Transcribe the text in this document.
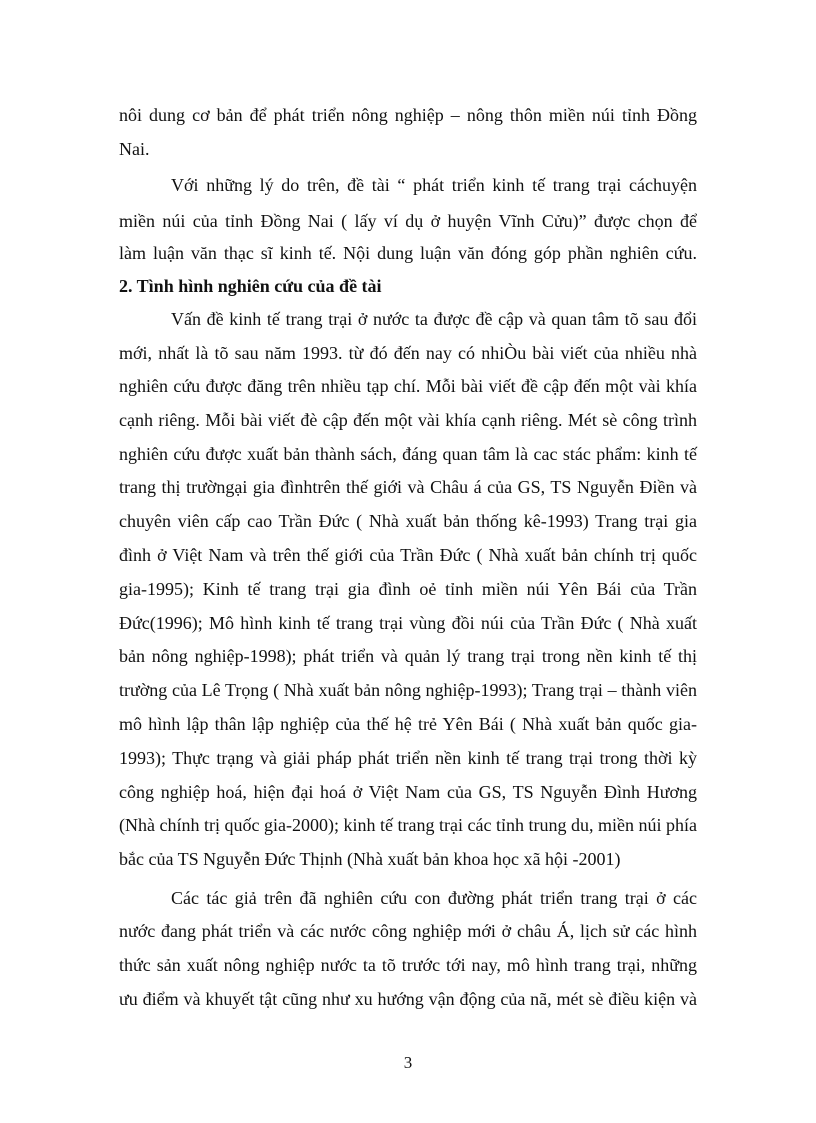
nôi dung cơ bản để phát triển nông nghiệp – nông thôn miền núi tỉnh Đồng
Nai.
Với những lý do trên, đề tài “ phát triển kinh tế trang trại cáchuyện
miền núi của tỉnh Đồng Nai ( lấy ví dụ ở huyện Vĩnh Cửu)” được chọn để
làm luận văn thạc sĩ kinh tế. Nội dung luận văn đóng góp phần nghiên cứu.
2. Tình hình nghiên cứu của đề tài
Vấn đề kinh tế trang trại ở nước ta được đề cập và quan tâm tõ sau đổi
mới, nhất là tõ sau năm 1993. từ đó đến nay có nhiÒu bài viết của nhiều nhà
nghiên cứu được đăng trên nhiều tạp chí. Mỗi bài viết đề cập đến một vài khía
cạnh riêng. Mỗi bài viết đè cập đến một vài khía cạnh riêng. Mét sè công trình
nghiên cứu được xuất bản thành sách, đáng quan tâm là cac stác phẩm: kinh tế
trang thị trườngại gia đìnhtrên thế giới và Châu á của GS, TS Nguyễn Điền và
chuyên viên cấp cao Trần Đức ( Nhà xuất bản thống kê-1993) Trang trại gia
đình ở Việt Nam và trên thế giới của Trần Đức ( Nhà xuất bản chính trị quốc
gia-1995); Kinh tế trang trại gia đình oẻ tỉnh miền núi Yên Bái của Trần
Đức(1996); Mô hình kinh tế trang trại vùng đồi núi của Trần Đức ( Nhà xuất
bản nông nghiệp-1998); phát triển và quản lý trang trại trong nền kinh tế thị
trường của Lê Trọng ( Nhà xuất bản nông nghiệp-1993); Trang trại – thành viên
mô hình lập thân lập nghiệp của thế hệ trẻ Yên Bái ( Nhà xuất bản quốc gia-
1993); Thực trạng và giải pháp phát triển nền kinh tế trang trại trong thời kỳ
công nghiệp hoá, hiện đại hoá ở Việt Nam của GS, TS Nguyễn Đình Hương
(Nhà chính trị quốc gia-2000); kinh tế trang trại các tỉnh trung du, miền núi phía
bắc của TS Nguyễn Đức Thịnh (Nhà xuất bản khoa học xã hội -2001)
Các tác giả trên đã nghiên cứu con đường phát triển trang trại ở các
nước đang phát triển và các nước công nghiệp mới ở châu Á, lịch sử các hình
thức sản xuất nông nghiệp nước ta tõ trước tới nay, mô hình trang trại, những
ưu điểm và khuyết tật cũng như xu hướng vận động của nã, mét sè điều kiện và
3
